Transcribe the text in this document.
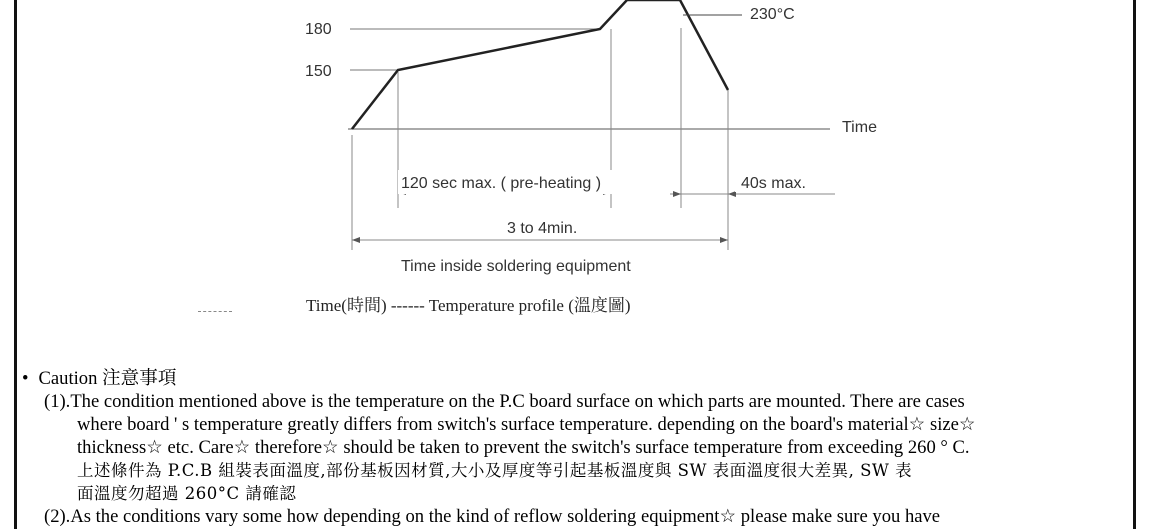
180
150
Time
230°C
120 sec max. ( pre-heating )	40s max.
3 to 4min.
Time inside soldering equipment
Time(時間) ------ Temperature profile (溫度圖)
• Caution 注意事項
(1).The condition mentioned above is the temperature on the P.C board surface on which parts are mounted. There are cases
where board ' s temperature greatly differs from switch's surface temperature. depending on the board's material☆ size☆
thickness☆ etc. Care☆ therefore☆ should be taken to prevent the switch's surface temperature from exceeding 260 ° C.
上述條件為 P.C.B 組裝表面溫度,部份基板因材質,大小及厚度等引起基板溫度與 SW 表面溫度很大差異, SW 表
面溫度勿超過 260°C 請確認
(2).As the conditions vary some how depending on the kind of reflow soldering equipment☆ please make sure you have
